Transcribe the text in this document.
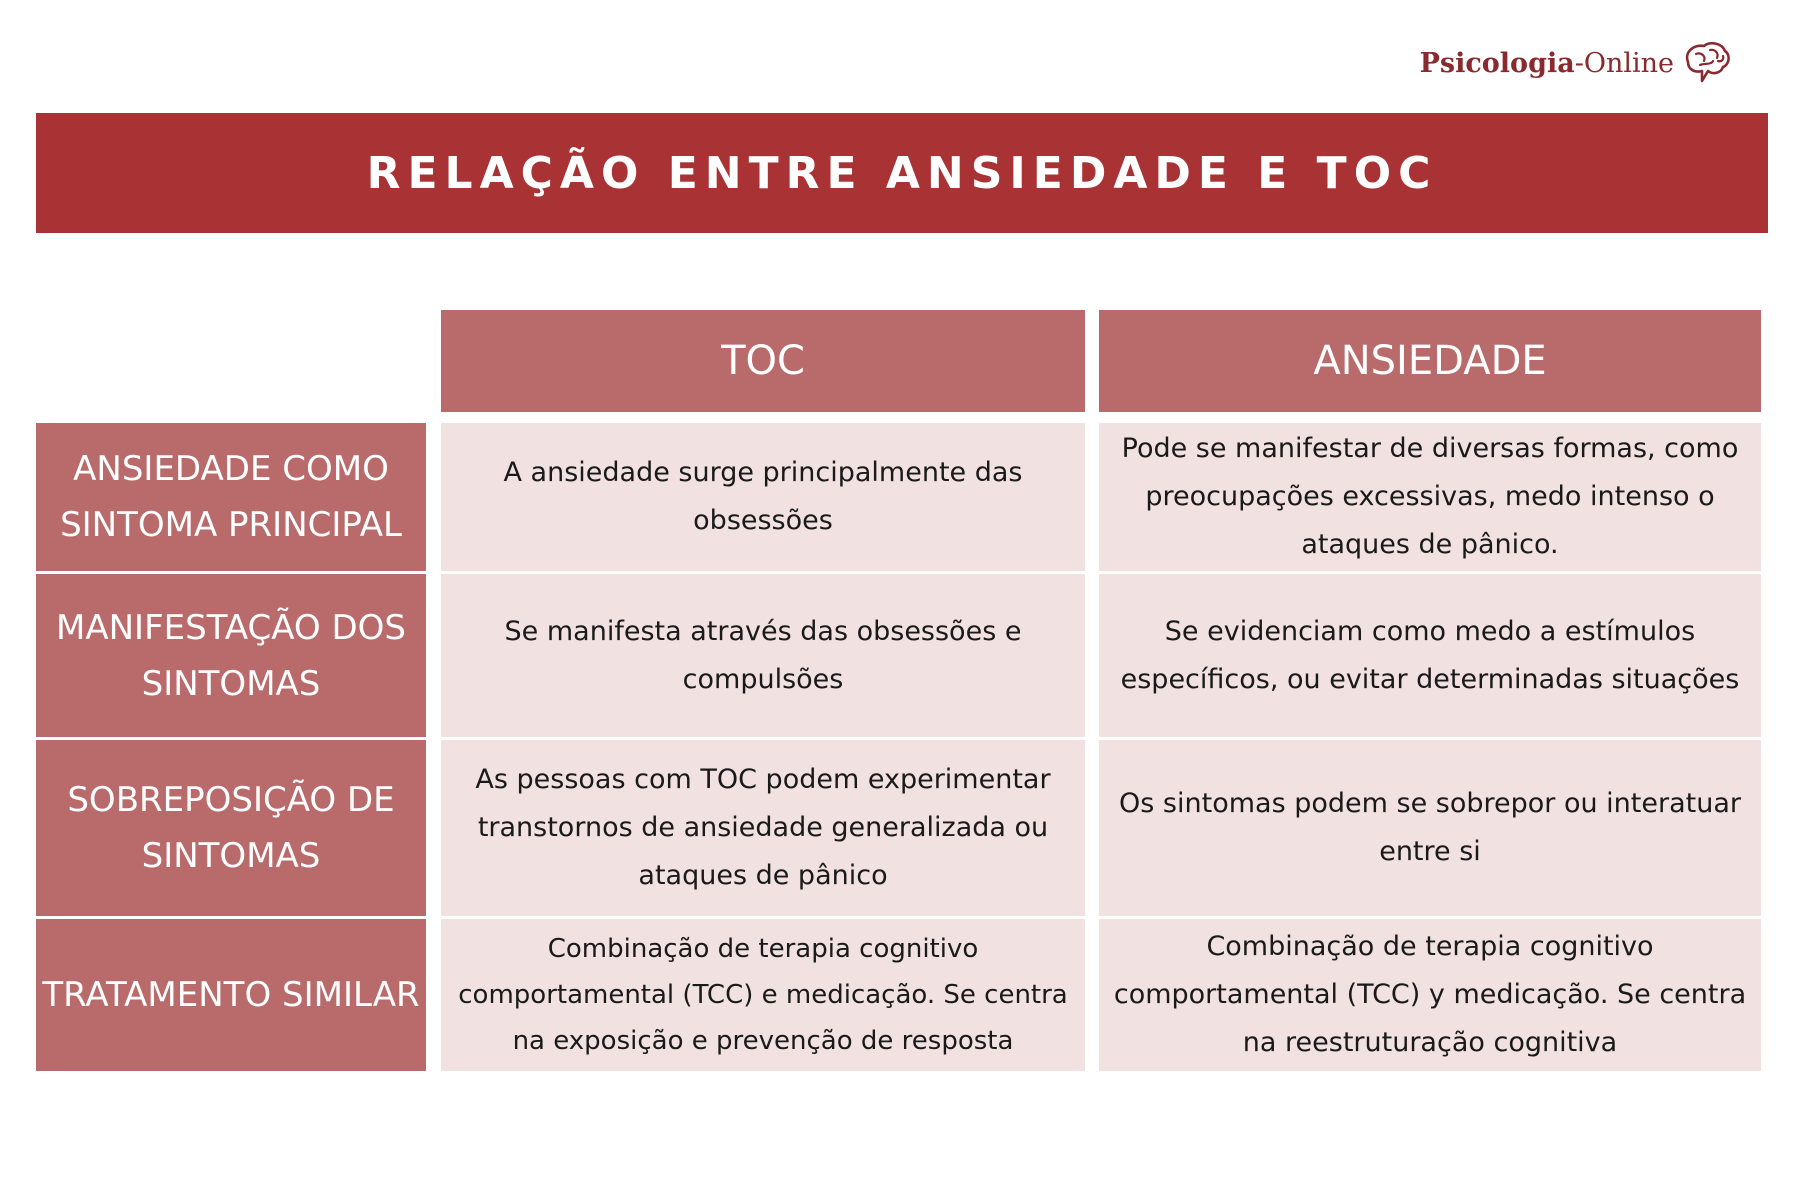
Psicologia-Online
RELAÇÃO ENTRE ANSIEDADE E TOC
TOC	ANSIEDADE
ANSIEDADE COMO SINTOMA PRINCIPAL
A ansiedade surge principalmente das obsessões
Pode se manifestar de diversas formas, como preocupações excessivas, medo intenso o ataques de pânico.
MANIFESTAÇÃO DOS SINTOMAS
Se manifesta através das obsessões e compulsões
Se evidenciam como medo a estímulos específicos, ou evitar determinadas situações
SOBREPOSIÇÃO DE SINTOMAS
As pessoas com TOC podem experimentar transtornos de ansiedade generalizada ou ataques de pânico
Os sintomas podem se sobrepor ou interatuar entre si
TRATAMENTO SIMILAR
Combinação de terapia cognitivo comportamental (TCC) e medicação. Se centra na exposição e prevenção de resposta
Combinação de terapia cognitivo comportamental (TCC) y medicação. Se centra na reestruturação cognitiva
